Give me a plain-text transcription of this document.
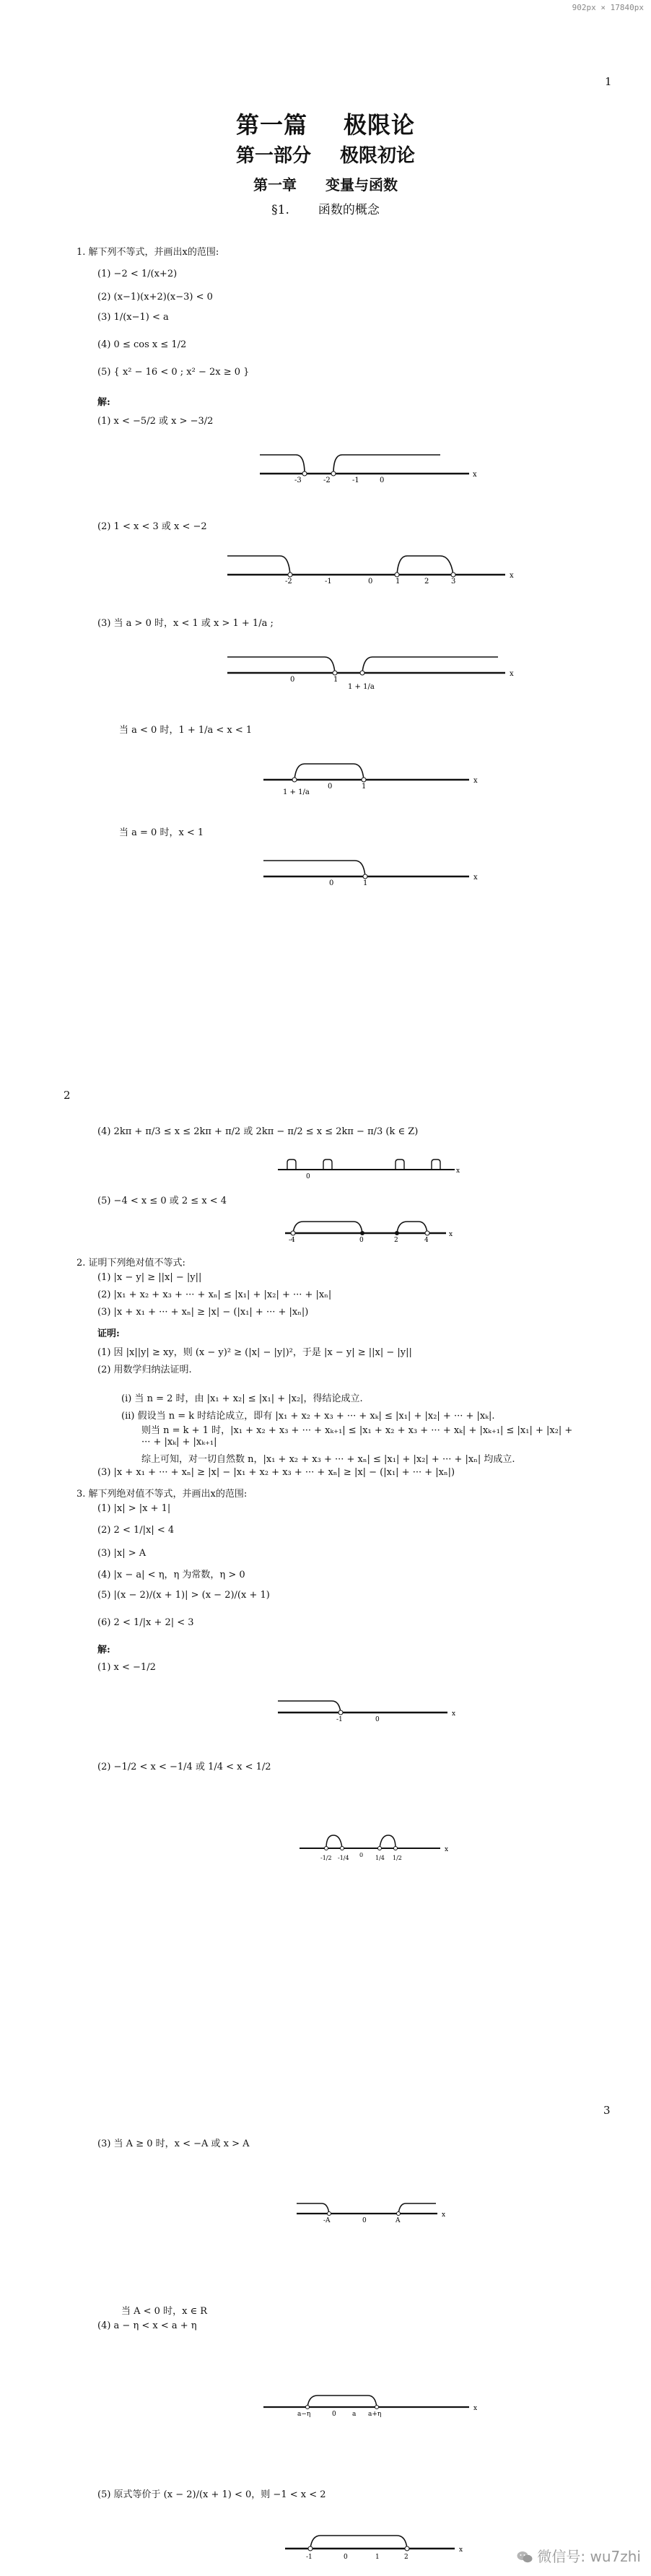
902px × 17840px
1
第一篇 极限论
第一部分 极限初论
第一章 变量与函数
§1. 函数的概念
1. 解下列不等式，并画出x的范围:
(1) −2 < 1/(x+2)
(2) (x−1)(x+2)(x−3) < 0
(3) 1/(x−1) < a
(4) 0 ≤ cos x ≤ 1/2
(5) { x² − 16 < 0 ; x² − 2x ≥ 0 }
解:
(1) x < −5/2 或 x > −3/2
-3	-2	-1	0
x
(2) 1 < x < 3 或 x < −2
-2	-1	0	1	2	3
x
(3) 当 a > 0 时，x < 1 或 x > 1 + 1/a ;
0	1
1 + 1/a
x
当 a < 0 时，1 + 1/a < x < 1
1 + 1/a
0	1
x
当 a = 0 时，x < 1
0	1
x
2
(4) 2kπ + π/3 ≤ x ≤ 2kπ + π/2 或 2kπ − π/2 ≤ x ≤ 2kπ − π/3 (k ∈ Z)
0
x
(5) −4 < x ≤ 0 或 2 ≤ x < 4
-4	0	2	4
x
2. 证明下列绝对值不等式:
(1) |x − y| ≥ ||x| − |y||
(2) |x₁ + x₂ + x₃ + ··· + xₙ| ≤ |x₁| + |x₂| + ··· + |xₙ|
(3) |x + x₁ + ··· + xₙ| ≥ |x| − (|x₁| + ··· + |xₙ|)
证明:
(1) 因 |x||y| ≥ xy，则 (x − y)² ≥ (|x| − |y|)²，于是 |x − y| ≥ ||x| − |y||
(2) 用数学归纳法证明.
(i) 当 n = 2 时，由 |x₁ + x₂| ≤ |x₁| + |x₂|，得结论成立.
(ii) 假设当 n = k 时结论成立，即有 |x₁ + x₂ + x₃ + ··· + xₖ| ≤ |x₁| + |x₂| + ··· + |xₖ|.
则当 n = k + 1 时，|x₁ + x₂ + x₃ + ··· + xₖ₊₁| ≤ |x₁ + x₂ + x₃ + ··· + xₖ| + |xₖ₊₁| ≤ |x₁| + |x₂| +
··· + |xₖ| + |xₖ₊₁|
综上可知，对一切自然数 n，|x₁ + x₂ + x₃ + ··· + xₙ| ≤ |x₁| + |x₂| + ··· + |xₙ| 均成立.
(3) |x + x₁ + ··· + xₙ| ≥ |x| − |x₁ + x₂ + x₃ + ··· + xₙ| ≥ |x| − (|x₁| + ··· + |xₙ|)
3. 解下列绝对值不等式，并画出x的范围:
(1) |x| > |x + 1|
(2) 2 < 1/|x| < 4
(3) |x| > A
(4) |x − a| < η，η 为常数，η > 0
(5) |(x − 2)/(x + 1)| > (x − 2)/(x + 1)
(6) 2 < 1/|x + 2| < 3
解:
(1) x < −1/2
-1	0
x
(2) −1/2 < x < −1/4 或 1/4 < x < 1/2
-1/2 -1/4 0 1/4 1/2
x
3
(3) 当 A ≥ 0 时，x < −A 或 x > A
-A	0	A
x
当 A < 0 时，x ∈ R
(4) a − η < x < a + η
a−η	0 a a+η
x
(5) 原式等价于 (x − 2)/(x + 1) < 0，则 −1 < x < 2
-1	0	1	2
x	微信号: wu7zhi
